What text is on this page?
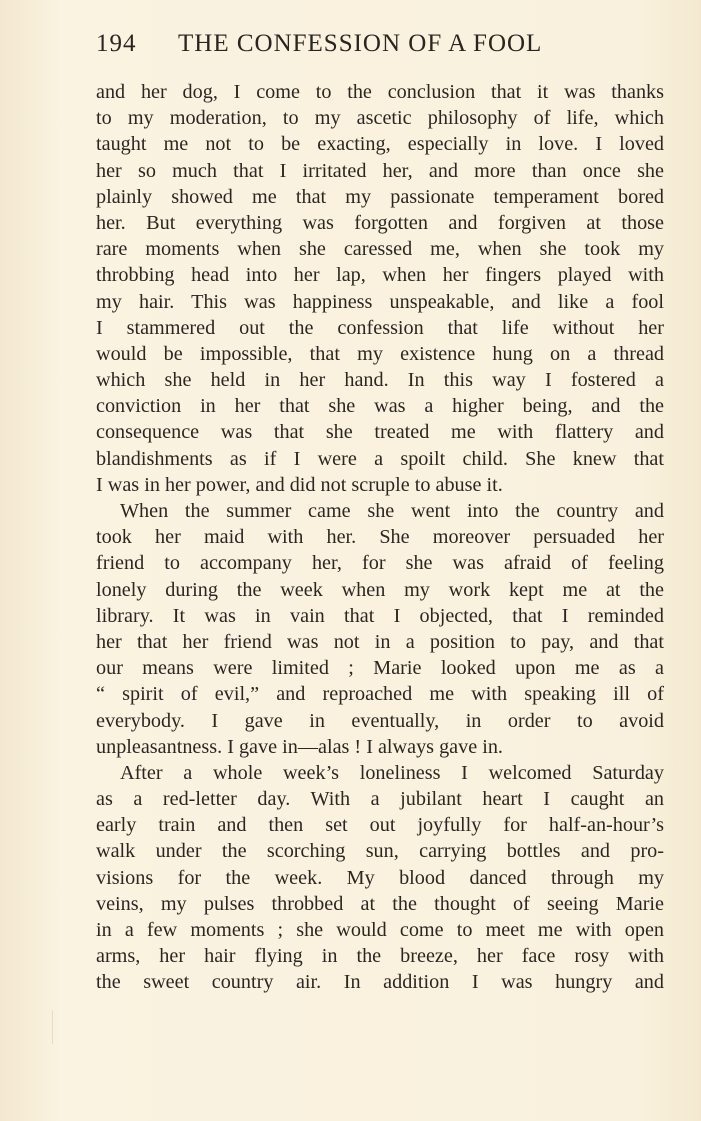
194 THE CONFESSION OF A FOOL
and her dog, I come to the conclusion that it was thanks
to my moderation, to my ascetic philosophy of life, which
taught me not to be exacting, especially in love. I loved
her so much that I irritated her, and more than once she
plainly showed me that my passionate temperament bored
her. But everything was forgotten and forgiven at those
rare moments when she caressed me, when she took my
throbbing head into her lap, when her fingers played with
my hair. This was happiness unspeakable, and like a fool
I stammered out the confession that life without her
would be impossible, that my existence hung on a thread
which she held in her hand. In this way I fostered a
conviction in her that she was a higher being, and the
consequence was that she treated me with flattery and
blandishments as if I were a spoilt child. She knew that
I was in her power, and did not scruple to abuse it.
When the summer came she went into the country and
took her maid with her. She moreover persuaded her
friend to accompany her, for she was afraid of feeling
lonely during the week when my work kept me at the
library. It was in vain that I objected, that I reminded
her that her friend was not in a position to pay, and that
our means were limited ; Marie looked upon me as a
“ spirit of evil,” and reproached me with speaking ill of
everybody. I gave in eventually, in order to avoid
unpleasantness. I gave in—alas ! I always gave in.
After a whole week’s loneliness I welcomed Saturday
as a red-letter day. With a jubilant heart I caught an
early train and then set out joyfully for half-an-hour’s
walk under the scorching sun, carrying bottles and pro-
visions for the week. My blood danced through my
veins, my pulses throbbed at the thought of seeing Marie
in a few moments ; she would come to meet me with open
arms, her hair flying in the breeze, her face rosy with
the sweet country air. In addition I was hungry and
